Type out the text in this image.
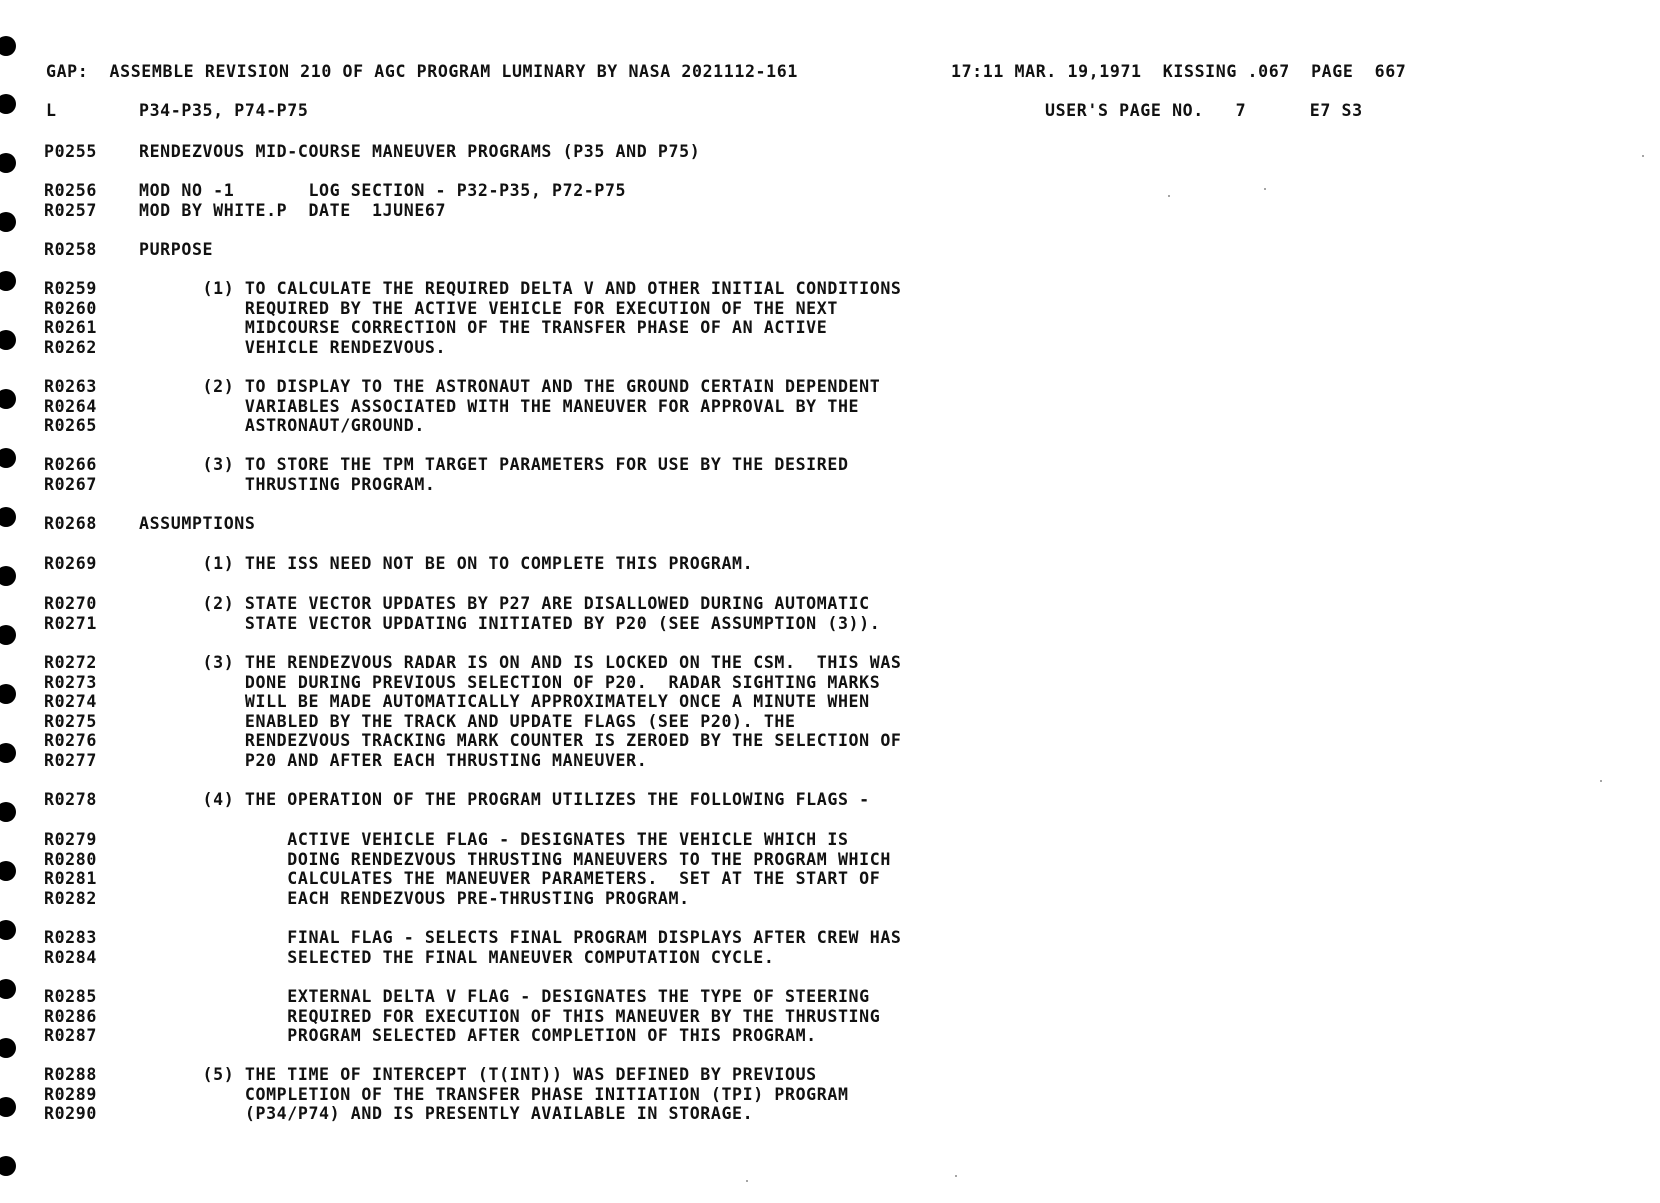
GAP:  ASSEMBLE REVISION 210 OF AGC PROGRAM LUMINARY BY NASA 2021112-161	17:11 MAR. 19,1971  KISSING .067  PAGE  667
L	P34-P35, P74-P75	USER'S PAGE NO.   7      E7 S3
P0255	RENDEZVOUS MID-COURSE MANEUVER PROGRAMS (P35 AND P75)
R0256	MOD NO -1       LOG SECTION - P32-P35, P72-P75
R0257	MOD BY WHITE.P  DATE  1JUNE67
R0258	PURPOSE
R0259	(1) TO CALCULATE THE REQUIRED DELTA V AND OTHER INITIAL CONDITIONS
R0260	REQUIRED BY THE ACTIVE VEHICLE FOR EXECUTION OF THE NEXT
R0261	MIDCOURSE CORRECTION OF THE TRANSFER PHASE OF AN ACTIVE
R0262	VEHICLE RENDEZVOUS.
R0263	(2) TO DISPLAY TO THE ASTRONAUT AND THE GROUND CERTAIN DEPENDENT
R0264	VARIABLES ASSOCIATED WITH THE MANEUVER FOR APPROVAL BY THE
R0265	ASTRONAUT/GROUND.
R0266	(3) TO STORE THE TPM TARGET PARAMETERS FOR USE BY THE DESIRED
R0267	THRUSTING PROGRAM.
R0268	ASSUMPTIONS
R0269	(1) THE ISS NEED NOT BE ON TO COMPLETE THIS PROGRAM.
R0270	(2) STATE VECTOR UPDATES BY P27 ARE DISALLOWED DURING AUTOMATIC
R0271	STATE VECTOR UPDATING INITIATED BY P20 (SEE ASSUMPTION (3)).
R0272	(3) THE RENDEZVOUS RADAR IS ON AND IS LOCKED ON THE CSM.  THIS WAS
R0273	DONE DURING PREVIOUS SELECTION OF P20.  RADAR SIGHTING MARKS
R0274	WILL BE MADE AUTOMATICALLY APPROXIMATELY ONCE A MINUTE WHEN
R0275	ENABLED BY THE TRACK AND UPDATE FLAGS (SEE P20). THE
R0276	RENDEZVOUS TRACKING MARK COUNTER IS ZEROED BY THE SELECTION OF
R0277	P20 AND AFTER EACH THRUSTING MANEUVER.
R0278	(4) THE OPERATION OF THE PROGRAM UTILIZES THE FOLLOWING FLAGS -
R0279	ACTIVE VEHICLE FLAG - DESIGNATES THE VEHICLE WHICH IS
R0280	DOING RENDEZVOUS THRUSTING MANEUVERS TO THE PROGRAM WHICH
R0281	CALCULATES THE MANEUVER PARAMETERS.  SET AT THE START OF
R0282	EACH RENDEZVOUS PRE-THRUSTING PROGRAM.
R0283	FINAL FLAG - SELECTS FINAL PROGRAM DISPLAYS AFTER CREW HAS
R0284	SELECTED THE FINAL MANEUVER COMPUTATION CYCLE.
R0285	EXTERNAL DELTA V FLAG - DESIGNATES THE TYPE OF STEERING
R0286	REQUIRED FOR EXECUTION OF THIS MANEUVER BY THE THRUSTING
R0287	PROGRAM SELECTED AFTER COMPLETION OF THIS PROGRAM.
R0288	(5) THE TIME OF INTERCEPT (T(INT)) WAS DEFINED BY PREVIOUS
R0289	COMPLETION OF THE TRANSFER PHASE INITIATION (TPI) PROGRAM
R0290	(P34/P74) AND IS PRESENTLY AVAILABLE IN STORAGE.
